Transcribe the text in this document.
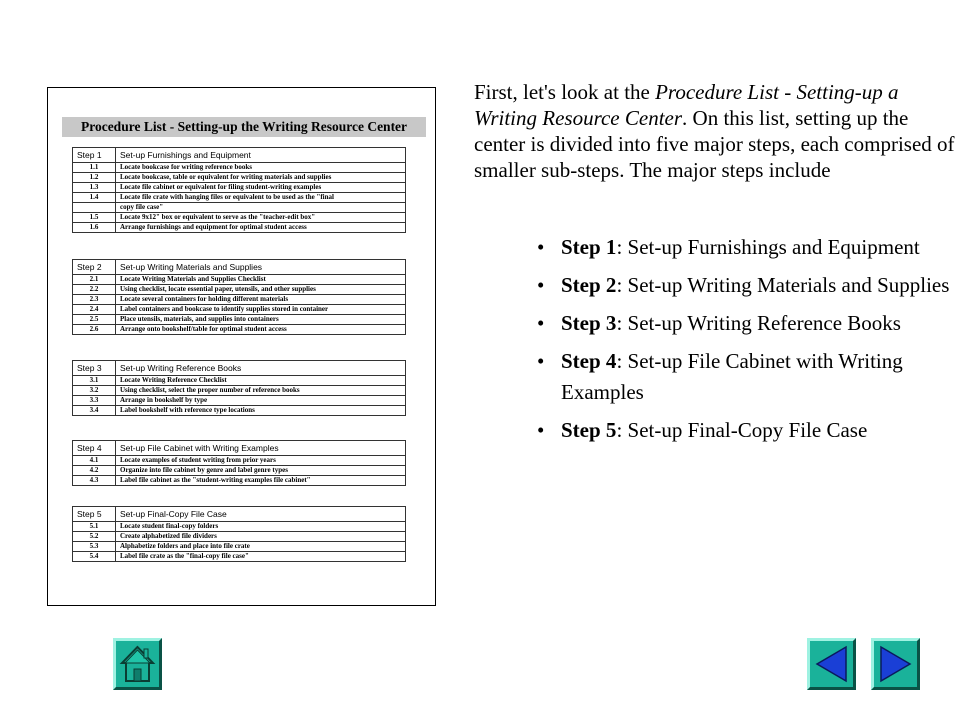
Procedure List - Setting-up the Writing Resource Center
Step 1	Set-up Furnishings and Equipment
1.1	Locate bookcase for writing reference books
1.2	Locate bookcase, table or equivalent for writing materials and supplies
1.3	Locate file cabinet or equivalent for filing student-writing examples
1.4	Locate file crate with hanging files or equivalent to be used as the "final
	copy file case"
1.5	Locate 9x12" box or equivalent to serve as the "teacher-edit box"
1.6	Arrange furnishings and equipment for optimal student access
Step 2	Set-up Writing Materials and Supplies
2.1	Locate Writing Materials and Supplies Checklist
2.2	Using checklist, locate essential paper, utensils, and other supplies
2.3	Locate several containers for holding different materials
2.4	Label containers and bookcase to identify supplies stored in container
2.5	Place utensils, materials, and supplies into containers
2.6	Arrange onto bookshelf/table for optimal student access
Step 3	Set-up Writing Reference Books
3.1	Locate Writing Reference Checklist
3.2	Using checklist, select the proper number of reference books
3.3	Arrange in bookshelf by type
3.4	Label bookshelf with reference type locations
Step 4	Set-up File Cabinet with Writing Examples
4.1	Locate examples of student writing from prior years
4.2	Organize into file cabinet by genre and label genre types
4.3	Label file cabinet as the "student-writing examples file cabinet"
Step 5	Set-up Final-Copy File Case
5.1	Locate student final-copy folders
5.2	Create alphabetized file dividers
5.3	Alphabetize folders and place into file crate
5.4	Label file crate as the "final-copy file case"
First, let's look at the Procedure List - Setting-up a Writing Resource Center. On this list, setting up the center is divided into five major steps, each comprised of smaller sub-steps. The major steps include
• Step 1: Set-up Furnishings and Equipment
• Step 2: Set-up Writing Materials and Supplies
• Step 3: Set-up Writing Reference Books
• Step 4: Set-up File Cabinet with Writing Examples
• Step 5: Set-up Final-Copy File Case
